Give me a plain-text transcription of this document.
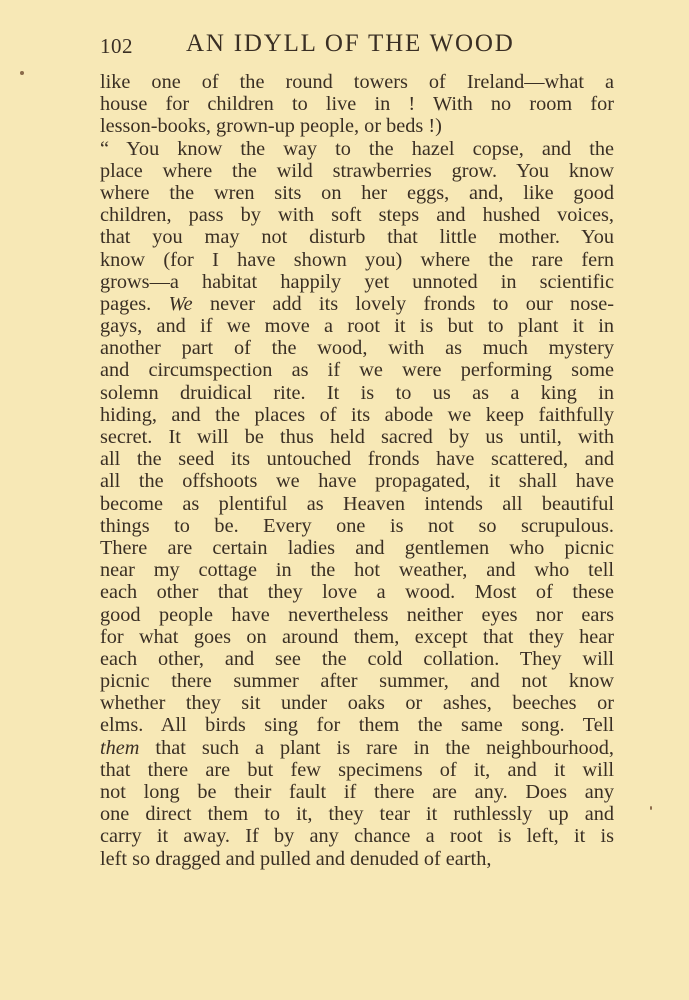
102 AN IDYLL OF THE WOOD
like one of the round towers of Ireland—what a
house for children to live in ! With no room for
lesson-books, grown-up people, or beds !)
“ You know the way to the hazel copse, and the
place where the wild strawberries grow. You know
where the wren sits on her eggs, and, like good
children, pass by with soft steps and hushed voices,
that you may not disturb that little mother. You
know (for I have shown you) where the rare fern
grows—a habitat happily yet unnoted in scientific
pages. We never add its lovely fronds to our nose-
gays, and if we move a root it is but to plant it in
another part of the wood, with as much mystery
and circumspection as if we were performing some
solemn druidical rite. It is to us as a king in
hiding, and the places of its abode we keep faithfully
secret. It will be thus held sacred by us until, with
all the seed its untouched fronds have scattered, and
all the offshoots we have propagated, it shall have
become as plentiful as Heaven intends all beautiful
things to be. Every one is not so scrupulous.
There are certain ladies and gentlemen who picnic
near my cottage in the hot weather, and who tell
each other that they love a wood. Most of these
good people have nevertheless neither eyes nor ears
for what goes on around them, except that they hear
each other, and see the cold collation. They will
picnic there summer after summer, and not know
whether they sit under oaks or ashes, beeches or
elms. All birds sing for them the same song. Tell
them that such a plant is rare in the neighbourhood,
that there are but few specimens of it, and it will
not long be their fault if there are any. Does any
one direct them to it, they tear it ruthlessly up and
carry it away. If by any chance a root is left, it is
left so dragged and pulled and denuded of earth,
